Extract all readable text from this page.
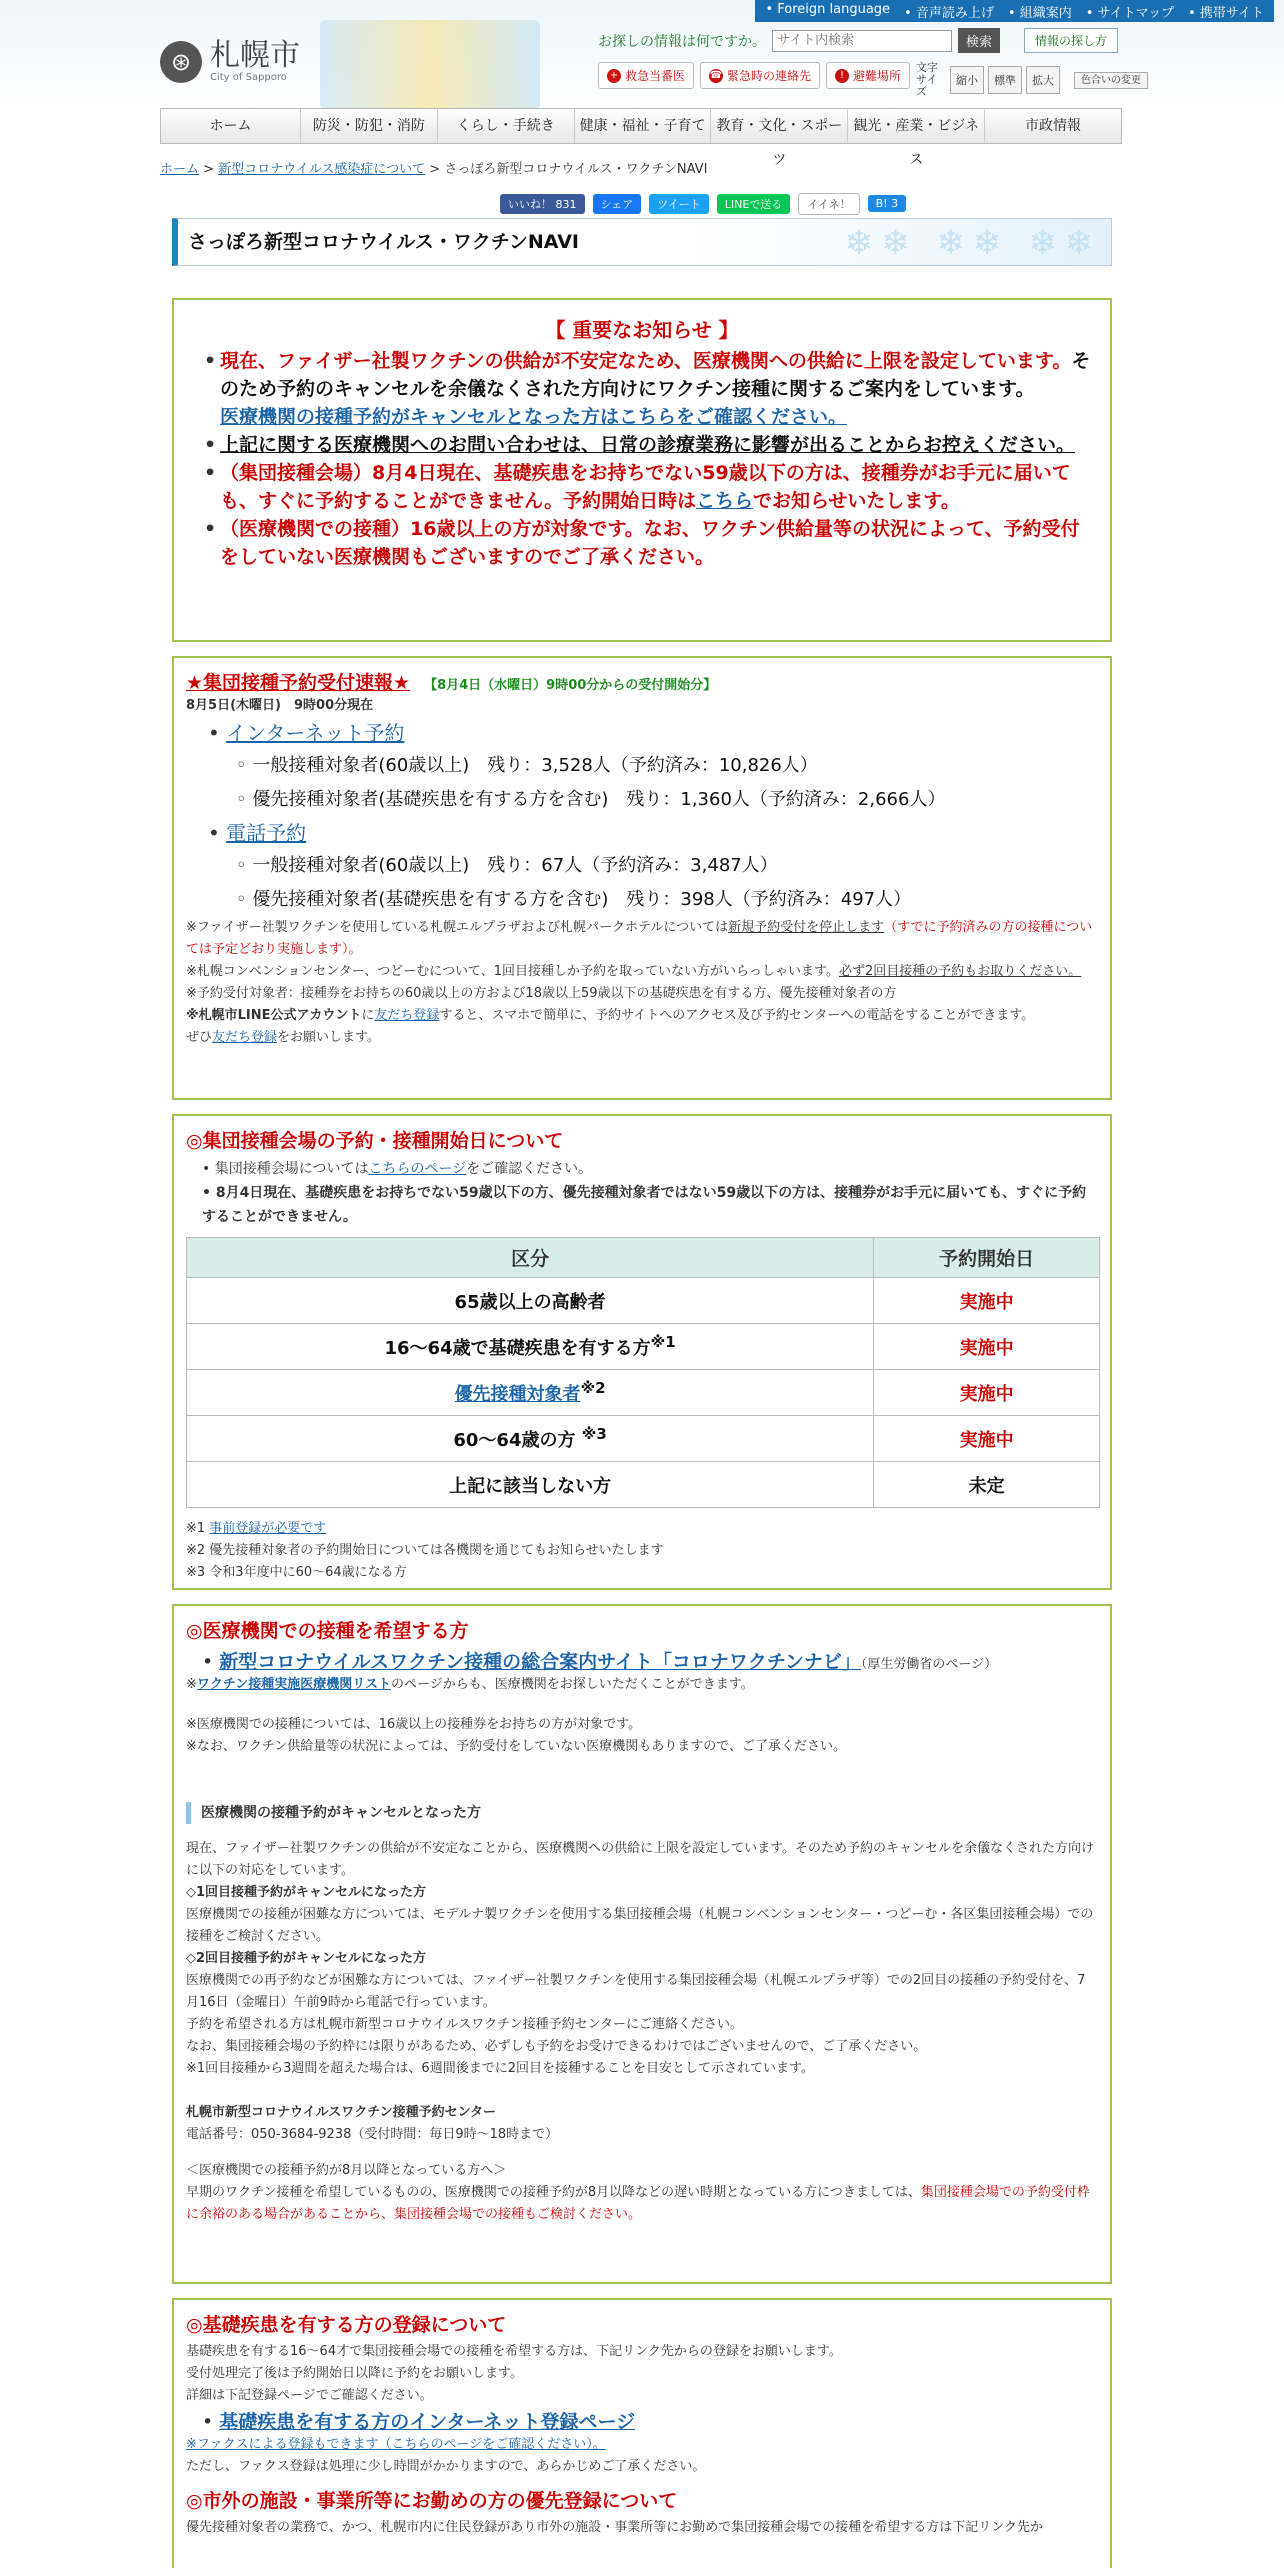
⊛ 札幌市
City of Sapporo
• Foreign language	• 音声読み上げ	• 組織案内	• サイトマップ	• 携帯サイト
お探しの情報は何ですか。
サイト内検索	検索	情報の探し方
+ 救急当番医 ☎ 緊急時の連絡先	! 避難場所
文字サイズ
縮小	標準	拡大	色合いの変更
ホーム	防災・防犯・消防	くらし・手続き	健康・福祉・子育て 教育・文化・スポーツ
観光・産業・ビジネス
市政情報
ホーム > 新型コロナウイルス感染症について > さっぽろ新型コロナウイルス・ワクチンNAVI
いいね！ 831	シェア	ツイート	LINEで送る	イイネ！	B! 3	更新日：2021年8月5日
さっぽろ新型コロナウイルス・ワクチンNAVI	❄❄ ❄❄ ❄❄
【 重要なお知らせ 】
• 現在、ファイザー社製ワクチンの供給が不安定なため、医療機関への供給に上限を設定しています。そのため予約のキャンセルを余儀なくされた方向けにワクチン接種に関するご案内をしています。
医療機関の接種予約がキャンセルとなった方はこちらをご確認ください。
• 上記に関する医療機関へのお問い合わせは、日常の診療業務に影響が出ることからお控えください。
• （集団接種会場）8月4日現在、基礎疾患をお持ちでない59歳以下の方は、接種券がお手元に届いても、すぐに予約することができません。予約開始日時はこちらでお知らせいたします。
• （医療機関での接種）16歳以上の方が対象です。なお、ワクチン供給量等の状況によって、予約受付をしていない医療機関もございますのでご了承ください。
★集団接種予約受付速報★ 【8月4日（水曜日）9時00分からの受付開始分】
8月5日(木曜日)　9時00分現在
• インターネット予約
◦ 一般接種対象者(60歳以上)　残り：3,528人（予約済み：10,826人）
◦ 優先接種対象者(基礎疾患を有する方を含む)　残り：1,360人（予約済み：2,666人）
• 電話予約
◦ 一般接種対象者(60歳以上)　残り：67人（予約済み：3,487人）
◦ 優先接種対象者(基礎疾患を有する方を含む)　残り：398人（予約済み：497人）
※ファイザー社製ワクチンを使用している札幌エルプラザおよび札幌パークホテルについては新規予約受付を停止します（すでに予約済みの方の接種については予定どおり実施します）。
※札幌コンベンションセンター、つどーむについて、1回目接種しか予約を取っていない方がいらっしゃいます。必ず2回目接種の予約もお取りください。
※予約受付対象者：接種券をお持ちの60歳以上の方および18歳以上59歳以下の基礎疾患を有する方、優先接種対象者の方
※札幌市LINE公式アカウントに友だち登録すると、スマホで簡単に、予約サイトへのアクセス及び予約センターへの電話をすることができます。
ぜひ友だち登録をお願いします。
◎集団接種会場の予約・接種開始日について
• 集団接種会場についてはこちらのページをご確認ください。
• 8月4日現在、基礎疾患をお持ちでない59歳以下の方、優先接種対象者ではない59歳以下の方は、接種券がお手元に届いても、すぐに予約することができません。
区分	予約開始日
65歳以上の高齢者	実施中
16～64歳で基礎疾患を有する方$^{※1}$	実施中
優先接種対象者$^{※2}$	実施中
60～64歳の方 $^{※3}$	実施中
上記に該当しない方	未定
※1 事前登録が必要です
※2 優先接種対象者の予約開始日については各機関を通じてもお知らせいたします
※3 令和3年度中に60～64歳になる方
◎医療機関での接種を希望する方
• 新型コロナウイルスワクチン接種の総合案内サイト「コロナワクチンナビ」（厚生労働省のページ）
※ワクチン接種実施医療機関リストのページからも、医療機関をお探しいただくことができます。
※医療機関での接種については、16歳以上の接種券をお持ちの方が対象です。
※なお、ワクチン供給量等の状況によっては、予約受付をしていない医療機関もありますので、ご了承ください。
医療機関の接種予約がキャンセルとなった方
現在、ファイザー社製ワクチンの供給が不安定なことから、医療機関への供給に上限を設定しています。そのため予約のキャンセルを余儀なくされた方向けに以下の対応をしています。
◇1回目接種予約がキャンセルになった方
医療機関での接種が困難な方については、モデルナ製ワクチンを使用する集団接種会場（札幌コンベンションセンター・つどーむ・各区集団接種会場）での接種をご検討ください。
◇2回目接種予約がキャンセルになった方
医療機関での再予約などが困難な方については、ファイザー社製ワクチンを使用する集団接種会場（札幌エルプラザ等）での2回目の接種の予約受付を、7月16日（金曜日）午前9時から電話で行っています。
予約を希望される方は札幌市新型コロナウイルスワクチン接種予約センターにご連絡ください。
なお、集団接種会場の予約枠には限りがあるため、必ずしも予約をお受けできるわけではございませんので、ご了承ください。
※1回目接種から3週間を超えた場合は、6週間後までに2回目を接種することを目安として示されています。
札幌市新型コロナウイルスワクチン接種予約センター
電話番号：050-3684-9238（受付時間：毎日9時～18時まで）
＜医療機関での接種予約が8月以降となっている方へ＞
早期のワクチン接種を希望しているものの、医療機関での接種予約が8月以降などの遅い時期となっている方につきましては、集団接種会場での予約受付枠に余裕のある場合があることから、集団接種会場での接種もご検討ください。
◎基礎疾患を有する方の登録について
基礎疾患を有する16～64才で集団接種会場での接種を希望する方は、下記リンク先からの登録をお願いします。
受付処理完了後は予約開始日以降に予約をお願いします。
詳細は下記登録ページでご確認ください。
• 基礎疾患を有する方のインターネット登録ページ
※ファクスによる登録もできます（こちらのページをご確認ください）。
ただし、ファクス登録は処理に少し時間がかかりますので、あらかじめご了承ください。
◎市外の施設・事業所等にお勤めの方の優先登録について
優先接種対象者の業務で、かつ、札幌市内に住民登録があり市外の施設・事業所等にお勤めで集団接種会場での接種を希望する方は下記リンク先か
